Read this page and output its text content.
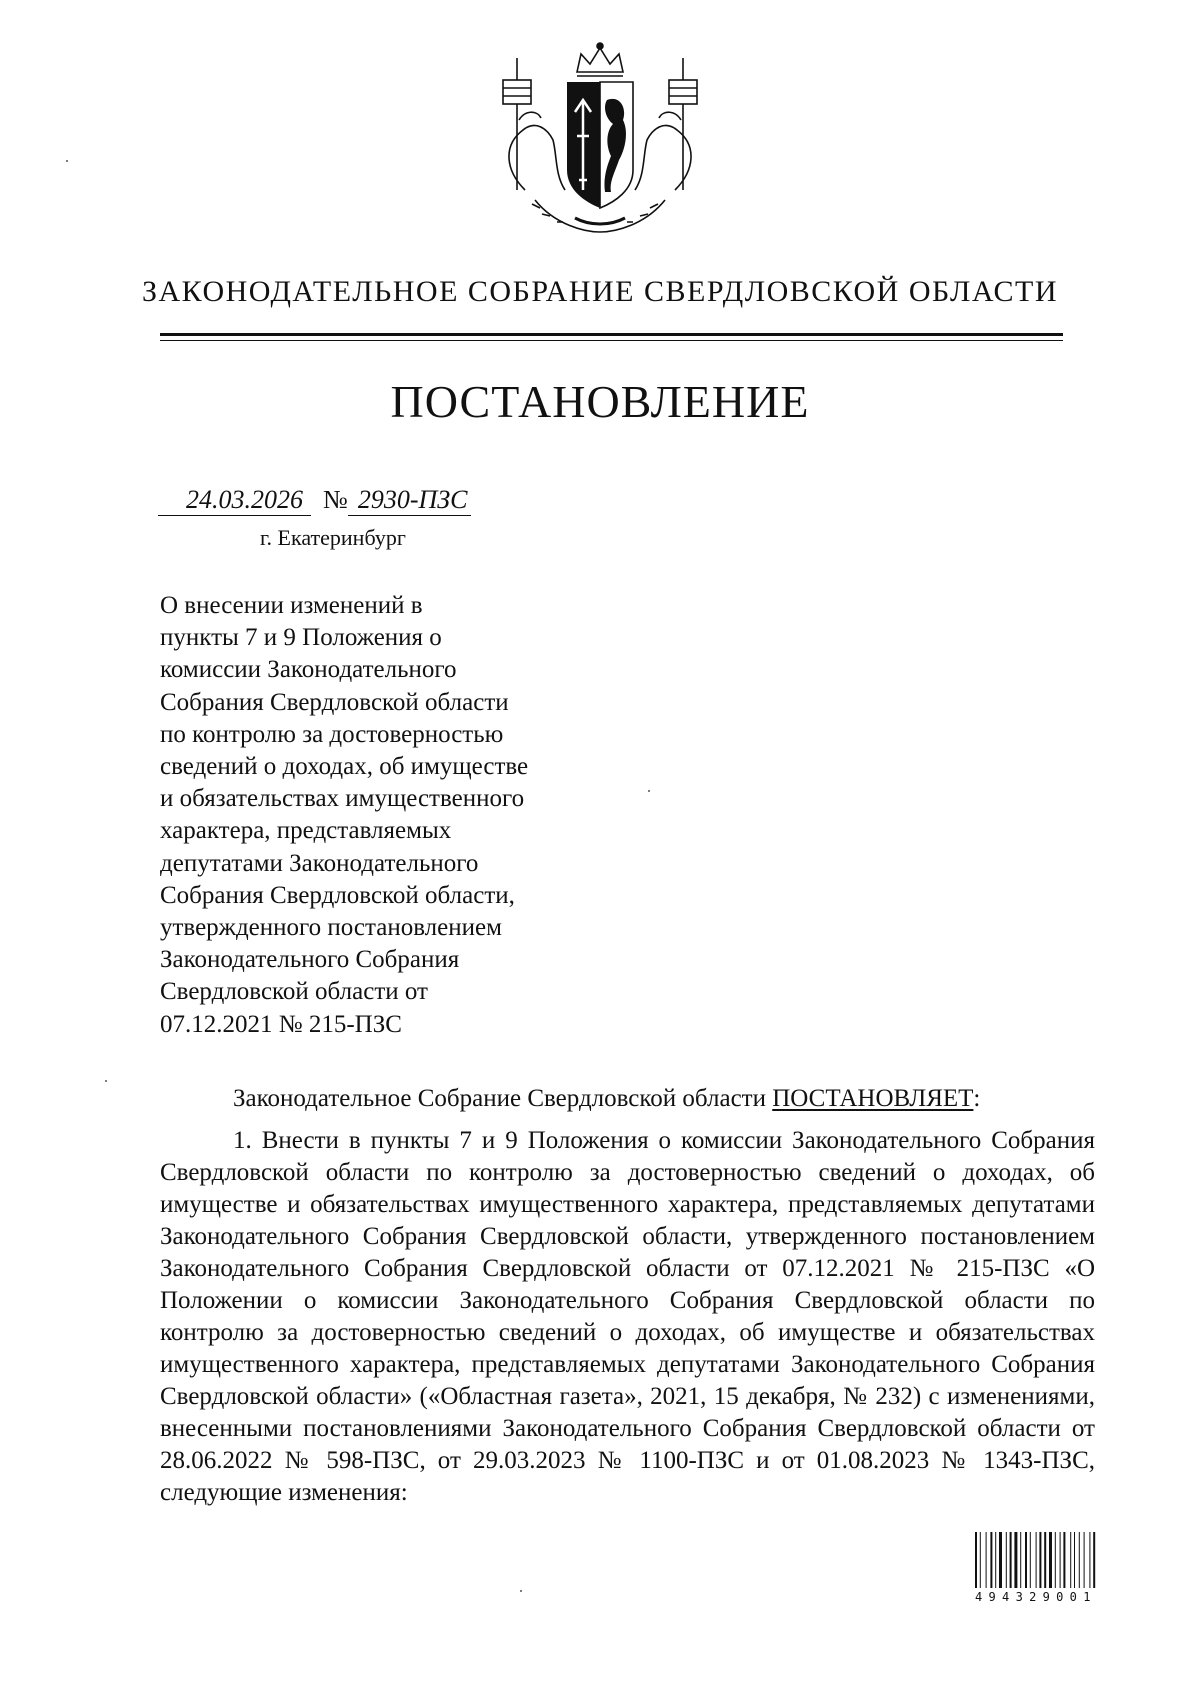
ЗАКОНОДАТЕЛЬНОЕ СОБРАНИЕ СВЕРДЛОВСКОЙ ОБЛАСТИ
ПОСТАНОВЛЕНИЕ
24.03.2026 № 2930-ПЗС
г. Екатеринбург
О внесении изменений в
пункты 7 и 9 Положения о
комиссии Законодательного
Собрания Свердловской области
по контролю за достоверностью
сведений о доходах, об имуществе
и обязательствах имущественного
характера, представляемых
депутатами Законодательного
Собрания Свердловской области,
утвержденного постановлением
Законодательного Собрания
Свердловской области от
07.12.2021 № 215-ПЗС
Законодательное Собрание Свердловской области ПОСТАНОВЛЯЕТ:
1. Внести в пункты 7 и 9 Положения о комиссии Законодательного Собрания Свердловской области по контролю за достоверностью сведений о доходах, об имуществе и обязательствах имущественного характера, представляемых депутатами Законодательного Собрания Свердловской области, утвержденного постановлением Законодательного Собрания Свердловской области от 07.12.2021 № 215-ПЗС «О Положении о комиссии Законодательного Собрания Свердловской области по контролю за достоверностью сведений о доходах, об имуществе и обязательствах имущественного характера, представляемых депутатами Законодательного Собрания Свердловской области» («Областная газета», 2021, 15 декабря, № 232) с изменениями, внесенными постановлениями Законодательного Собрания Свердловской области от 28.06.2022 № 598-ПЗС, от 29.03.2023 № 1100-ПЗС и от 01.08.2023 № 1343-ПЗС, следующие изменения:
494329001
